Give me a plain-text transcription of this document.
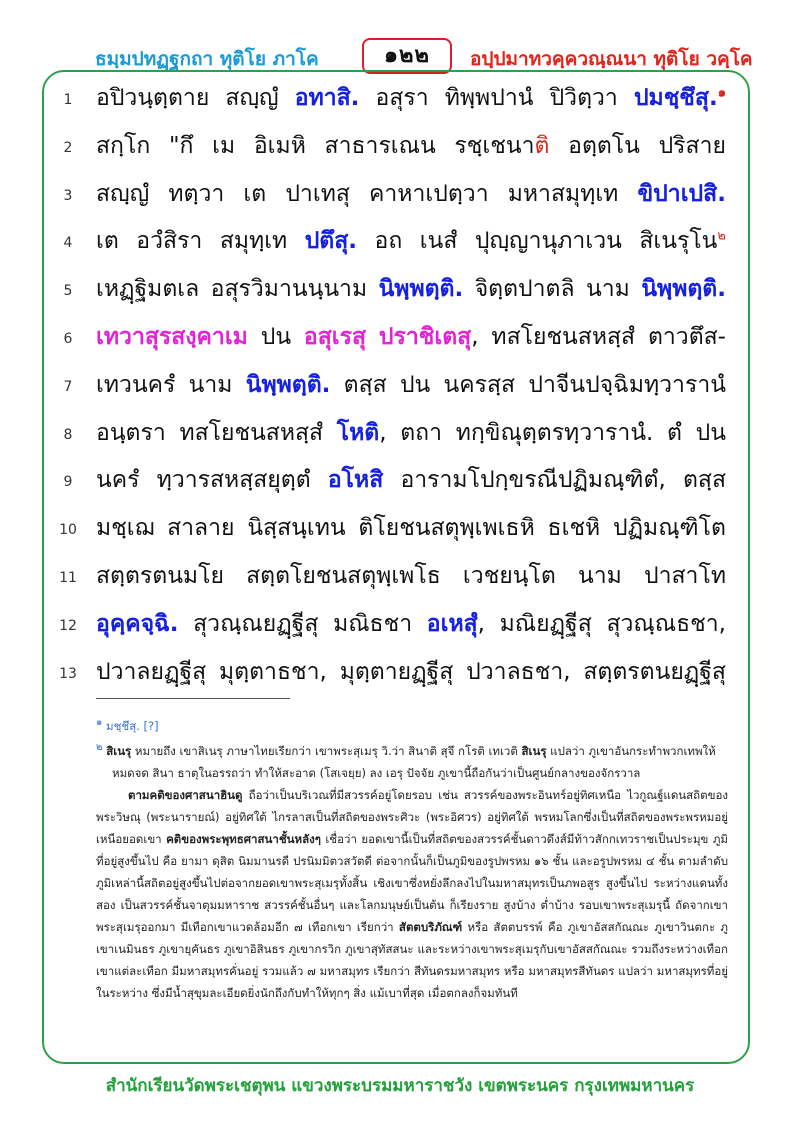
ธมฺมปทฏฺฐกถา ทุติโย ภาโค	๑๒๒	อปฺปมาทวคฺควณฺณนา ทุติโย วคฺโค
1	อปิวนฺตฺตาย สญฺญํ อทาสิ. อสุรา ทิพฺพปานํ ปิวิตฺวา ปมชฺชึสุ.$^๑$
2	สกฺโก "กึ เม อิเมหิ สาธารเณน รชฺเชนาติ อตฺตโน ปริสาย
3	สญฺญํ ทตฺวา เต ปาเทสุ คาหาเปตฺวา มหาสมุทฺเท ขิปาเปสิ.
4	เต อวํสิรา สมุทฺเท ปตึสุ. อถ เนสํ ปุญฺญานุภาเวน สิเนรุโน$^๒$
5	เหฏฺฐิมตเล อสุรวิมานนฺนาม นิพฺพตฺติ. จิตฺตปาตลิ นาม นิพฺพตฺติ.
6	เทวาสุรสงฺคาเม ปน อสุเรสุ ปราชิเตสุ, ทสโยชนสหสฺสํ ตาวตึส-
7	เทวนครํ นาม นิพฺพตฺติ. ตสฺส ปน นครสฺส ปาจีนปจฺฉิมทฺวารานํ
8	อนฺตรา ทสโยชนสหสฺสํ โหติ, ตถา ทกฺขิณุตฺตรทฺวารานํ. ตํ ปน
9	นครํ ทฺวารสหสฺสยุตฺตํ อโหสิ อารามโปกฺขรณีปฏิมณฺฑิตํ, ตสฺส
10 มชฺเฌ สาลาย นิสฺสนฺเทน ติโยชนสตุพฺเพเธหิ ธเชหิ ปฏิมณฺฑิโต
11 สตฺตรตนมโย สตฺตโยชนสตุพฺเพโธ เวชยนฺโต นาม ปาสาโท
12 อุคฺคจฺฉิ. สุวณฺณยฏฺฐีสุ มณิธชา อเหสุํ, มณิยฏฺฐีสุ สุวณฺณธชา,
13 ปวาลยฏฺฐีสุ มุตฺตาธชา, มุตฺตายฏฺฐีสุ ปวาลธชา, สตฺตรตนยฏฺฐีสุ
๑ มชฺชึสุ. [?]
๒ สิเนรุ หมายถึง เขาสิเนรุ ภาษาไทยเรียกว่า เขาพระสุเมรุ วิ.ว่า สินาติ สุจึ กโรติ เทเวติ สิเนรุ แปลว่า ภูเขาอันกระทำพวกเทพให้
หมดจด สินา ธาตุในอรรถว่า ทำให้สะอาด (โสเจยฺย) ลง เอรุ ปัจจัย ภูเขานี้ถือกันว่าเป็นศูนย์กลางของจักรวาล
ตามคติของศาสนาฮินดู ถือว่าเป็นบริเวณที่มีสวรรค์อยู่โดยรอบ เช่น สวรรค์ของพระอินทร์อยู่ทิศเหนือ ไวกูณฐ์แดนสถิตของพระวิษณุ (พระนารายณ์) อยู่ทิศใต้ ไกรลาสเป็นที่สถิตของพระศิวะ (พระอิศวร) อยู่ทิศใต้ พรหมโลกซึ่งเป็นที่สถิตของพระพรหมอยู่เหนือยอดเขา คติของพระพุทธศาสนาชั้นหลังๆ เชื่อว่า ยอดเขานี้เป็นที่สถิตของสวรรค์ชั้นดาวดึงส์มีท้าวสักกเทวราชเป็นประมุข ภูมิที่อยู่สูงขึ้นไป คือ ยามา ดุสิต นิมมานรดี ปรนิมมิตวสวัตดี ต่อจากนั้นก็เป็นภูมิของรูปพรหม ๑๖ ชั้น และอรูปพรหม ๔ ชั้น ตามลำดับ ภูมิเหล่านี้สถิตอยู่สูงขึ้นไปต่อจากยอดเขาพระสุเมรุทั้งสิ้น เชิงเขาซึ่งหยั่งลึกลงไปในมหาสมุทรเป็นภพอสูร สูงขึ้นไป ระหว่างแดนทั้งสอง เป็นสวรรค์ชั้นจาตุมมหาราช สวรรค์ชั้นอื่นๆ และโลกมนุษย์เป็นต้น ก็เรียงราย สูงบ้าง ต่ำบ้าง รอบเขาพระสุเมรุนี้ ถัดจากเขาพระสุเมรุออกมา มีเทือกเขาแวดล้อมอีก ๗ เทือกเขา เรียกว่า สัตตบริภัณฑ์ หรือ สัตตบรรพ์ คือ ภูเขาอัสสกัณณะ ภูเขาวินตกะ ภูเขาเนมินธร ภูเขายุคันธร ภูเขาอิสินธร ภูเขากรวิก ภูเขาสุทัสสนะ และระหว่างเขาพระสุเมรุกับเขาอัสสกัณณะ รวมถึงระหว่างเทือกเขาแต่ละเทือก มีมหาสมุทรคั่นอยู่ รวมแล้ว ๗ มหาสมุทร เรียกว่า สีทันดรมหาสมุทร หรือ มหาสมุทรสีทันดร แปลว่า มหาสมุทรที่อยู่ในระหว่าง ซึ่งมีน้ำสุขุมละเอียดยิ่งนักถึงกับทำให้ทุกๆ สิ่ง แม้เบาที่สุด เมื่อตกลงก็จมทันที
สำนักเรียนวัดพระเชตุพน แขวงพระบรมมหาราชวัง เขตพระนคร กรุงเทพมหานคร
